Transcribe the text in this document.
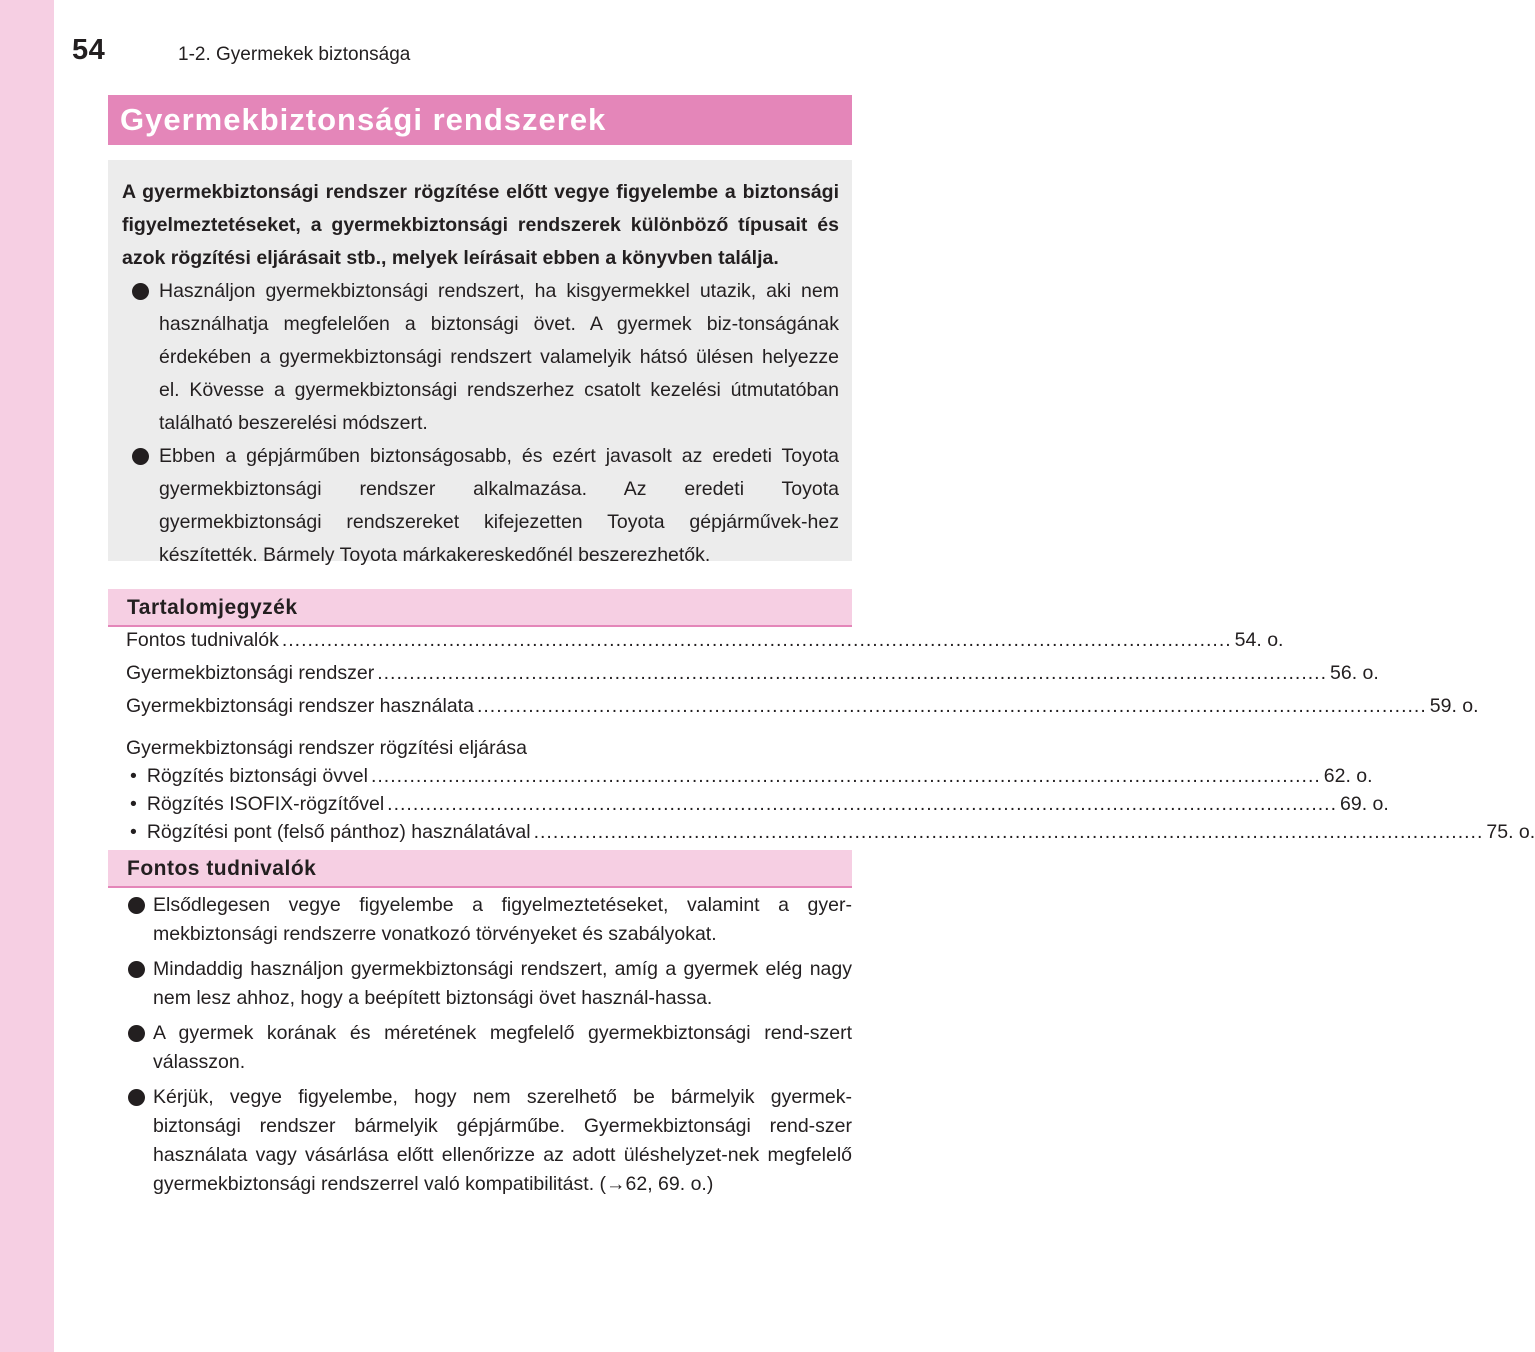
54	1-2. Gyermekek biztonsága
Gyermekbiztonsági rendszerek

A gyermekbiztonsági rendszer rögzítése előtt vegye figyelembe a biztonsági figyelmeztetéseket, a gyermekbiztonsági rendszerek különböző típusait és azok rögzítési eljárásait stb., melyek leírásait ebben a könyvben találja.

Használjon gyermekbiztonsági rendszert, ha kisgyermekkel utazik, aki nem használhatja megfelelően a biztonsági övet. A gyermek biz-tonságának érdekében a gyermekbiztonsági rendszert valamelyik hátsó ülésen helyezze el. Kövesse a gyermekbiztonsági rendszerhez csatolt kezelési útmutatóban található beszerelési módszert.

Ebben a gépjárműben biztonságosabb, és ezért javasolt az eredeti Toyota gyermekbiztonsági rendszer alkalmazása. Az eredeti Toyota gyermekbiztonsági rendszereket kifejezetten Toyota gépjárművek-hez készítették. Bármely Toyota márkakereskedőnél beszerezhetők.

Tartalomjegyzék
Fontos tudnivalók .................................................................................................................................................... 54. o.
Gyermekbiztonsági rendszer .................................................................................................................................................... 56. o.
Gyermekbiztonsági rendszer használata .................................................................................................................................................... 59. o.
Gyermekbiztonsági rendszer rögzítési eljárása
• Rögzítés biztonsági övvel .................................................................................................................................................... 62. o.
• Rögzítés ISOFIX-rögzítővel .................................................................................................................................................... 69. o.
• Rögzítési pont (felső pánthoz) használatával .................................................................................................................................................... 75. o.
Fontos tudnivalók

Elsődlegesen vegye figyelembe a figyelmeztetéseket, valamint a gyer-mekbiztonsági rendszerre vonatkozó törvényeket és szabályokat.

Mindaddig használjon gyermekbiztonsági rendszert, amíg a gyermek elég nagy nem lesz ahhoz, hogy a beépített biztonsági övet használ-hassa.

A gyermek korának és méretének megfelelő gyermekbiztonsági rend-szert válasszon.

Kérjük, vegye figyelembe, hogy nem szerelhető be bármelyik gyermek-biztonsági rendszer bármelyik gépjárműbe. Gyermekbiztonsági rend-szer használata vagy vásárlása előtt ellenőrizze az adott üléshelyzet-nek megfelelő gyermekbiztonsági rendszerrel való kompatibilitást. (→62, 69. o.)
